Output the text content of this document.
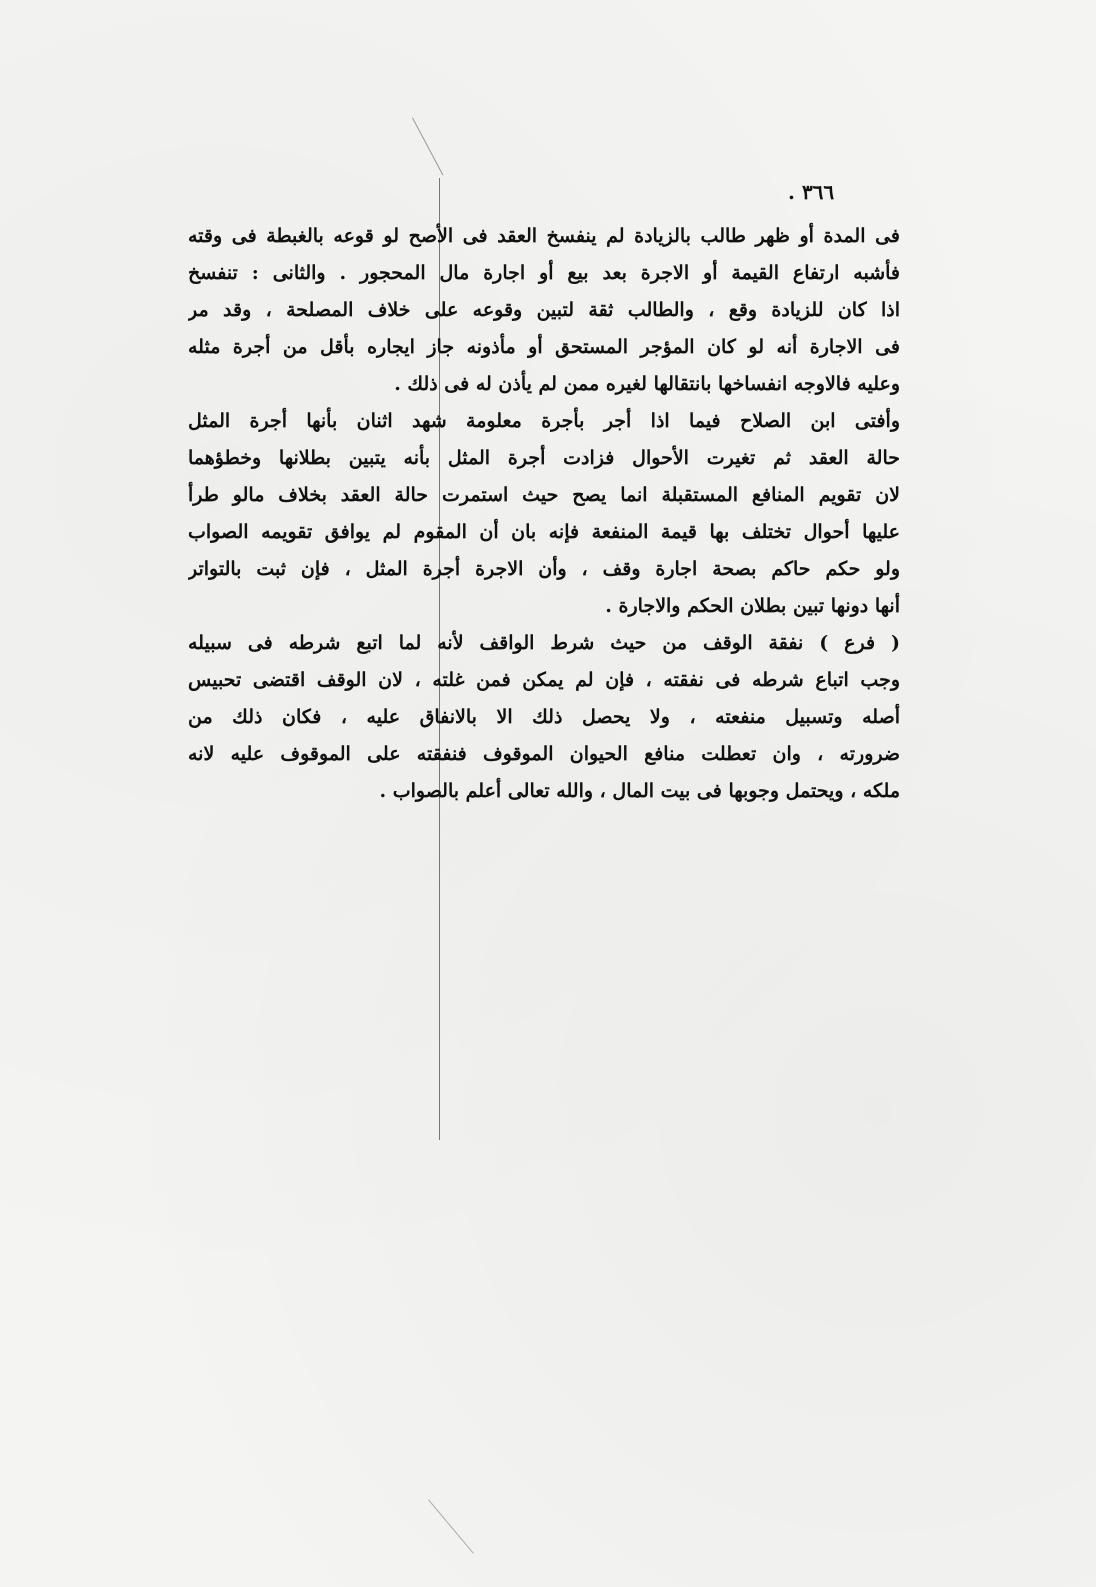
٣٦٦ .
فى المدة أو ظهر طالب بالزيادة لم ينفسخ العقد فى الأصح لو قوعه بالغبطة فى وقته
فأشبه ارتفاع القيمة أو الاجرة بعد بيع أو اجارة مال المحجور . والثانى : تنفسخ
اذا كان للزيادة وقع ، والطالب ثقة لتبين وقوعه على خلاف المصلحة ، وقد مر
فى الاجارة أنه لو كان المؤجر المستحق أو مأذونه جاز ايجاره بأقل من أجرة مثله
وعليه فالاوجه انفساخها بانتقالها لغيره ممن لم يأذن له فى ذلك .
وأفتى ابن الصلاح فيما اذا أجر بأجرة معلومة شهد اثنان بأنها أجرة المثل
حالة العقد ثم تغيرت الأحوال فزادت أجرة المثل بأنه يتبين بطلانها وخطؤهما
لان تقويم المنافع المستقبلة انما يصح حيث استمرت حالة العقد بخلاف مالو طرأ
عليها أحوال تختلف بها قيمة المنفعة فإنه بان أن المقوم لم يوافق تقويمه الصواب
ولو حكم حاكم بصحة اجارة وقف ، وأن الاجرة أجرة المثل ، فإن ثبت بالتواتر
أنها دونها تبين بطلان الحكم والاجارة .
( فرع ) نفقة الوقف من حيث شرط الواقف لأنه لما اتبع شرطه فى سبيله
وجب اتباع شرطه فى نفقته ، فإن لم يمكن فمن غلته ، لان الوقف اقتضى تحبيس
أصله وتسبيل منفعته ، ولا يحصل ذلك الا بالانفاق عليه ، فكان ذلك من
ضرورته ، وان تعطلت منافع الحيوان الموقوف فنفقته على الموقوف عليه لانه
ملكه ، ويحتمل وجوبها فى بيت المال ، والله تعالى أعلم بالصواب .
